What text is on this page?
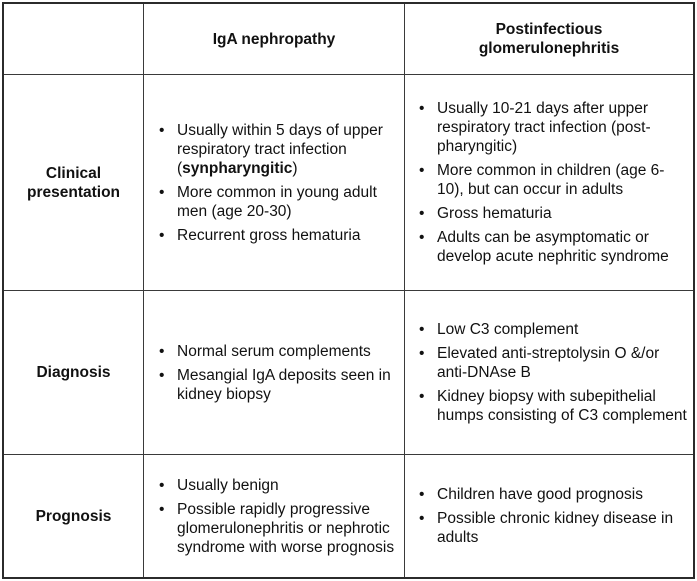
IgA nephropathy
Postinfectious
glomerulonephritis
Clinical
presentation
• Usually within 5 days of upper respiratory tract infection (synpharyngitic)
• More common in young adult men (age 20-30)
• Recurrent gross hematuria
• Usually 10-21 days after upper respiratory tract infection (post-pharyngitic)
• More common in children (age 6-10), but can occur in adults
• Gross hematuria
• Adults can be asymptomatic or develop acute nephritic syndrome
Diagnosis
• Normal serum complements
• Mesangial IgA deposits seen in kidney biopsy
• Low C3 complement
• Elevated anti-streptolysin O &/or anti-DNAse B
• Kidney biopsy with subepithelial humps consisting of C3 complement
Prognosis
• Usually benign
• Possible rapidly progressive glomerulonephritis or nephrotic syndrome with worse prognosis
• Children have good prognosis
• Possible chronic kidney disease in adults
